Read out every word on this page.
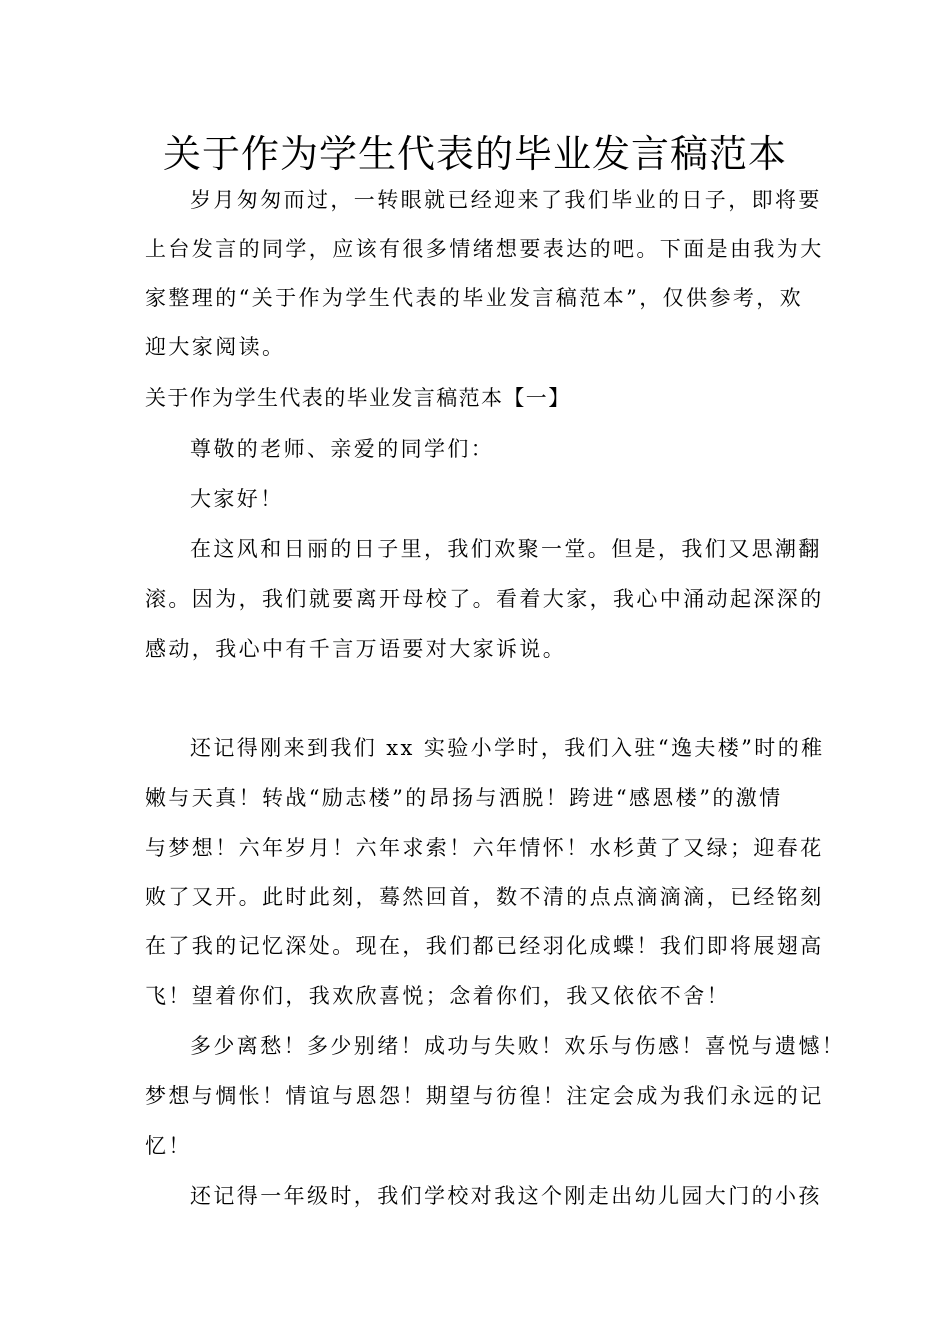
关于作为学生代表的毕业发言稿范本
岁月匆匆而过，一转眼就已经迎来了我们毕业的日子，即将要
上台发言的同学，应该有很多情绪想要表达的吧。下面是由我为大
家整理的“关于作为学生代表的毕业发言稿范本”，仅供参考，欢
迎大家阅读。
关于作为学生代表的毕业发言稿范本【一】
尊敬的老师、亲爱的同学们：
大家好！
在这风和日丽的日子里，我们欢聚一堂。但是，我们又思潮翻
滚。因为，我们就要离开母校了。看着大家，我心中涌动起深深的
感动，我心中有千言万语要对大家诉说。
还记得刚来到我们 xx 实验小学时，我们入驻“逸夫楼”时的稚
嫩与天真！转战“励志楼”的昂扬与洒脱！跨进“感恩楼”的激情
与梦想！六年岁月！六年求索！六年情怀！水杉黄了又绿；迎春花
败了又开。此时此刻，蓦然回首，数不清的点点滴滴滴，已经铭刻
在了我的记忆深处。现在，我们都已经羽化成蝶！我们即将展翅高
飞！望着你们，我欢欣喜悦；念着你们，我又依依不舍！
多少离愁！多少别绪！成功与失败！欢乐与伤感！喜悦与遗憾！
梦想与惆怅！情谊与恩怨！期望与彷徨！注定会成为我们永远的记
忆！
还记得一年级时，我们学校对我这个刚走出幼儿园大门的小孩
